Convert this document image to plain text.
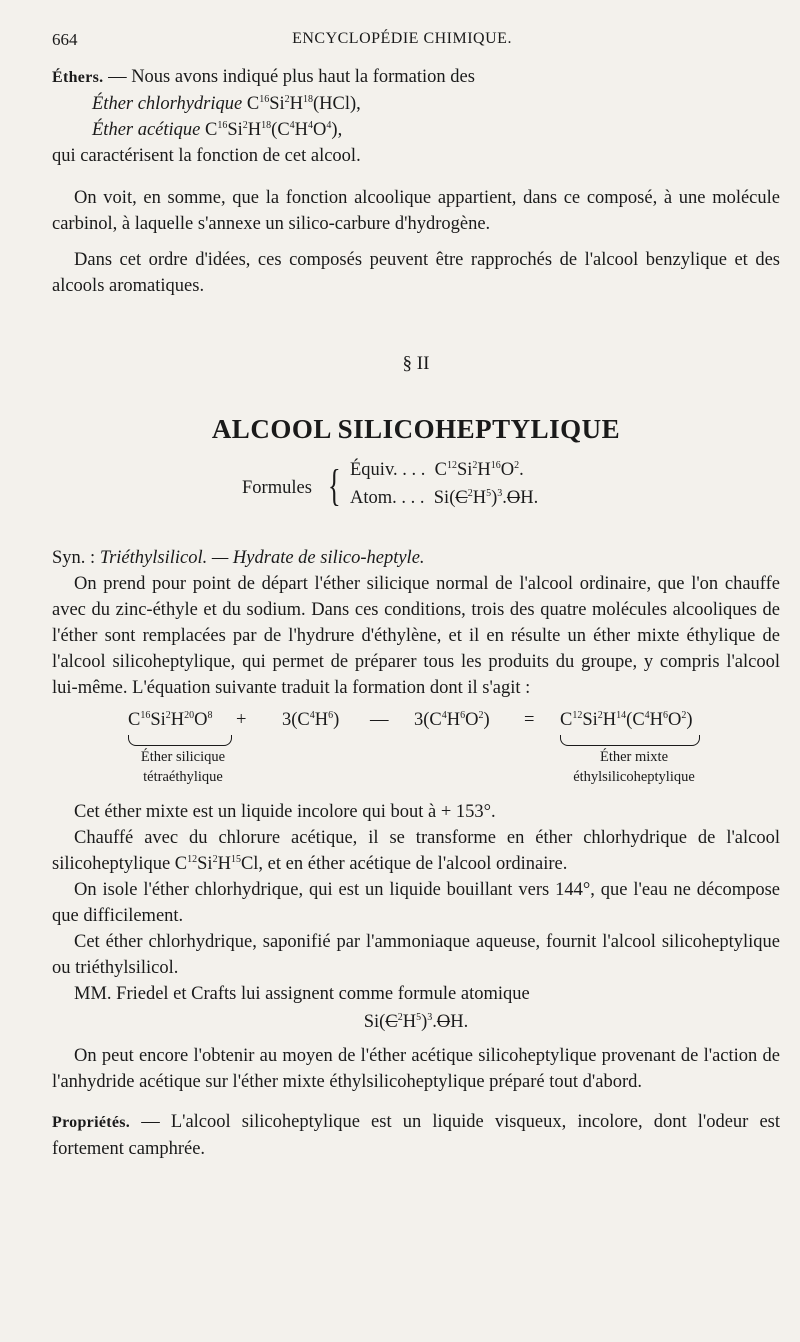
664	ENCYCLOPÉDIE CHIMIQUE.

Éthers. — Nous avons indiqué plus haut la formation des

Éther chlorhydrique $C^{16}Si^2H^{18}(HCl)$,

Éther acétique $C^{16}Si^2H^{18}(C^4H^4O^4)$,

qui caractérisent la fonction de cet alcool.

On voit, en somme, que la fonction alcoolique appartient, dans ce composé, à une molécule carbinol, à laquelle s'annexe un silico-carbure d'hydrogène.

Dans cet ordre d'idées, ces composés peuvent être rapprochés de l'alcool benzylique et des alcools aromatiques.

§ II
ALCOOL SILICOHEPTYLIQUE
Formules { Équiv. . . . $C^{12}Si^2H^{16}O^2$.
Atom. . . . $Si(C^2H^5)^3.OH$.

Syn. : Triéthylsilicol. — Hydrate de silico-heptyle.

On prend pour point de départ l'éther silicique normal de l'alcool ordinaire, que l'on chauffe avec du zinc-éthyle et du sodium. Dans ces conditions, trois des quatre molécules alcooliques de l'éther sont remplacées par de l'hydrure d'éthylène, et il en résulte un éther mixte éthylique de l'alcool silicoheptylique, qui permet de préparer tous les produits du groupe, y compris l'alcool lui-même. L'équation suivante traduit la formation dont il s'agit :

$C^{16}Si^2H^{20}O^8 + 3(C^4H^6)$ — $3(C^4H^6O^2) = C^{12}Si^2H^{14}(C^4H^6O^2)$
Éther silicique
tétraéthylique
Éther mixte
éthylsilicoheptylique

Cet éther mixte est un liquide incolore qui bout à + 153°.

Chauffé avec du chlorure acétique, il se transforme en éther chlorhydrique de l'alcool silicoheptylique $C^{12}Si^2H^{15}Cl$, et en éther acétique de l'alcool ordinaire.

On isole l'éther chlorhydrique, qui est un liquide bouillant vers 144°, que l'eau ne décompose que difficilement.

Cet éther chlorhydrique, saponifié par l'ammoniaque aqueuse, fournit l'alcool silicoheptylique ou triéthylsilicol.

MM. Friedel et Crafts lui assignent comme formule atomique

$Si(C^2H^5)^3.OH$.

On peut encore l'obtenir au moyen de l'éther acétique silicoheptylique provenant de l'action de l'anhydride acétique sur l'éther mixte éthylsilicoheptylique préparé tout d'abord.

Propriétés. — L'alcool silicoheptylique est un liquide visqueux, incolore, dont l'odeur est fortement camphrée.
